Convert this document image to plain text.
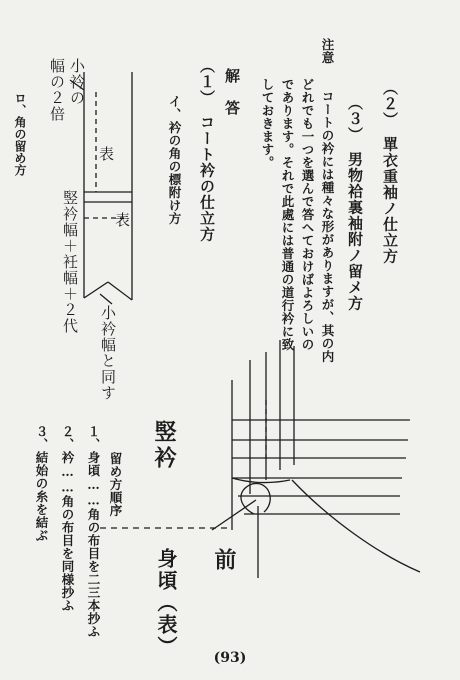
（２）　單衣重袖ノ仕立方
（３）　男物袷裏袖附ノ留メ方
注意
コートの衿には種々な形がありますが、其の内
どれでも一つを選んで答へておけばよろしいの
であります。それで此處には普通の道行衿に致
しておきます。
解　答
（１）　コート衿の仕立方
イ、衿の角の標附け方
小衿の
幅の２倍
ロ、角の留め方	表
表
竪衿幅＋衽幅＋２代
小衿幅と同す
竪衿
前
身頃（表）
留め方順序
１、身頃……角の布目を二三本抄ふ
２、衿……角の布目を同様抄ふ
３、結始の糸を結ぶ
(93)
